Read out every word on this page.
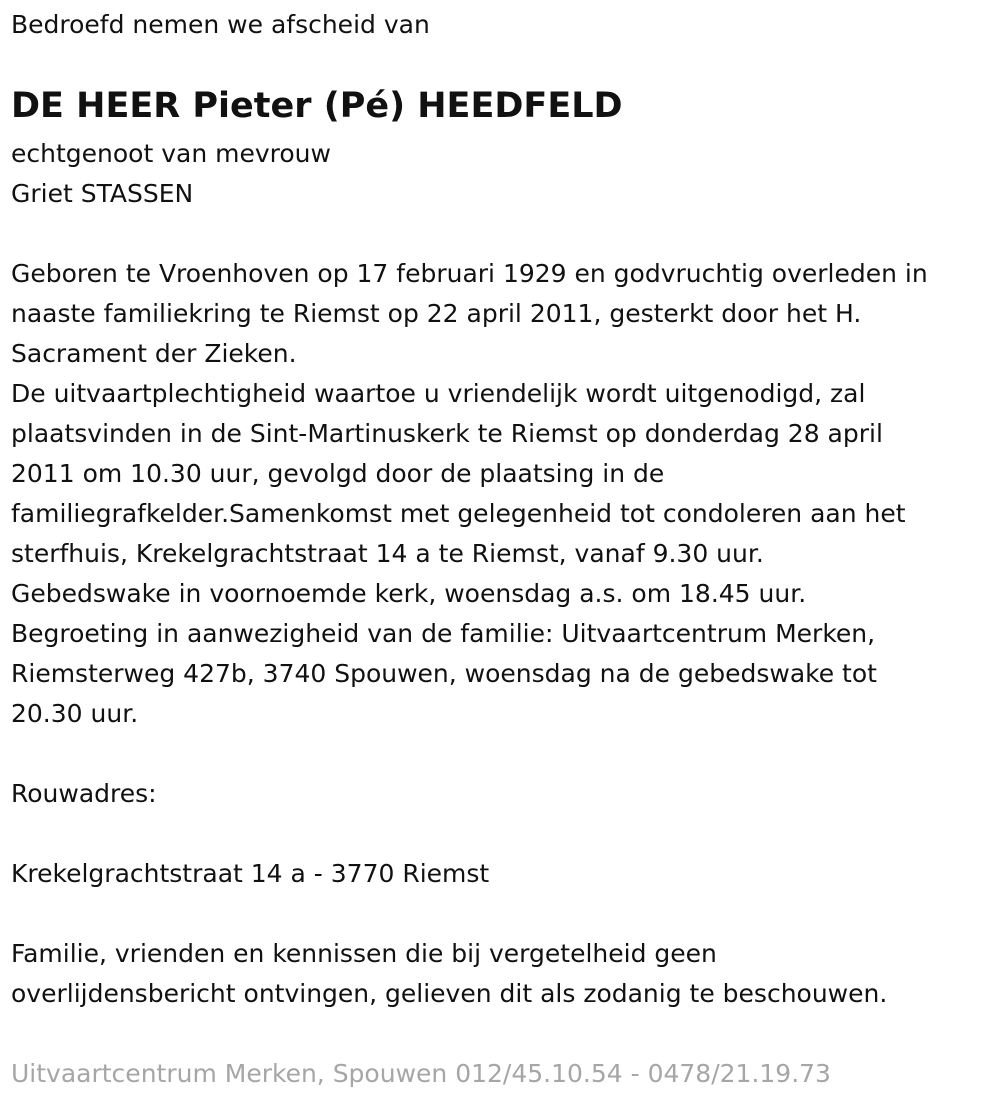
Bedroefd nemen we afscheid van

DE HEER Pieter (Pé) HEEDFELD

echtgenoot van mevrouw

Griet STASSEN

Geboren te Vroenhoven op 17 februari 1929 en godvruchtig overleden in

naaste familiekring te Riemst op 22 april 2011, gesterkt door het H.

Sacrament der Zieken.

De uitvaartplechtigheid waartoe u vriendelijk wordt uitgenodigd, zal

plaatsvinden in de Sint-Martinuskerk te Riemst op donderdag 28 april

2011 om 10.30 uur, gevolgd door de plaatsing in de

familiegrafkelder.Samenkomst met gelegenheid tot condoleren aan het

sterfhuis, Krekelgrachtstraat 14 a te Riemst, vanaf 9.30 uur.

Gebedswake in voornoemde kerk, woensdag a.s. om 18.45 uur.

Begroeting in aanwezigheid van de familie: Uitvaartcentrum Merken,

Riemsterweg 427b, 3740 Spouwen, woensdag na de gebedswake tot

20.30 uur.

Rouwadres:

Krekelgrachtstraat 14 a - 3770 Riemst

Familie, vrienden en kennissen die bij vergetelheid geen

overlijdensbericht ontvingen, gelieven dit als zodanig te beschouwen.

Uitvaartcentrum Merken, Spouwen 012/45.10.54 - 0478/21.19.73
